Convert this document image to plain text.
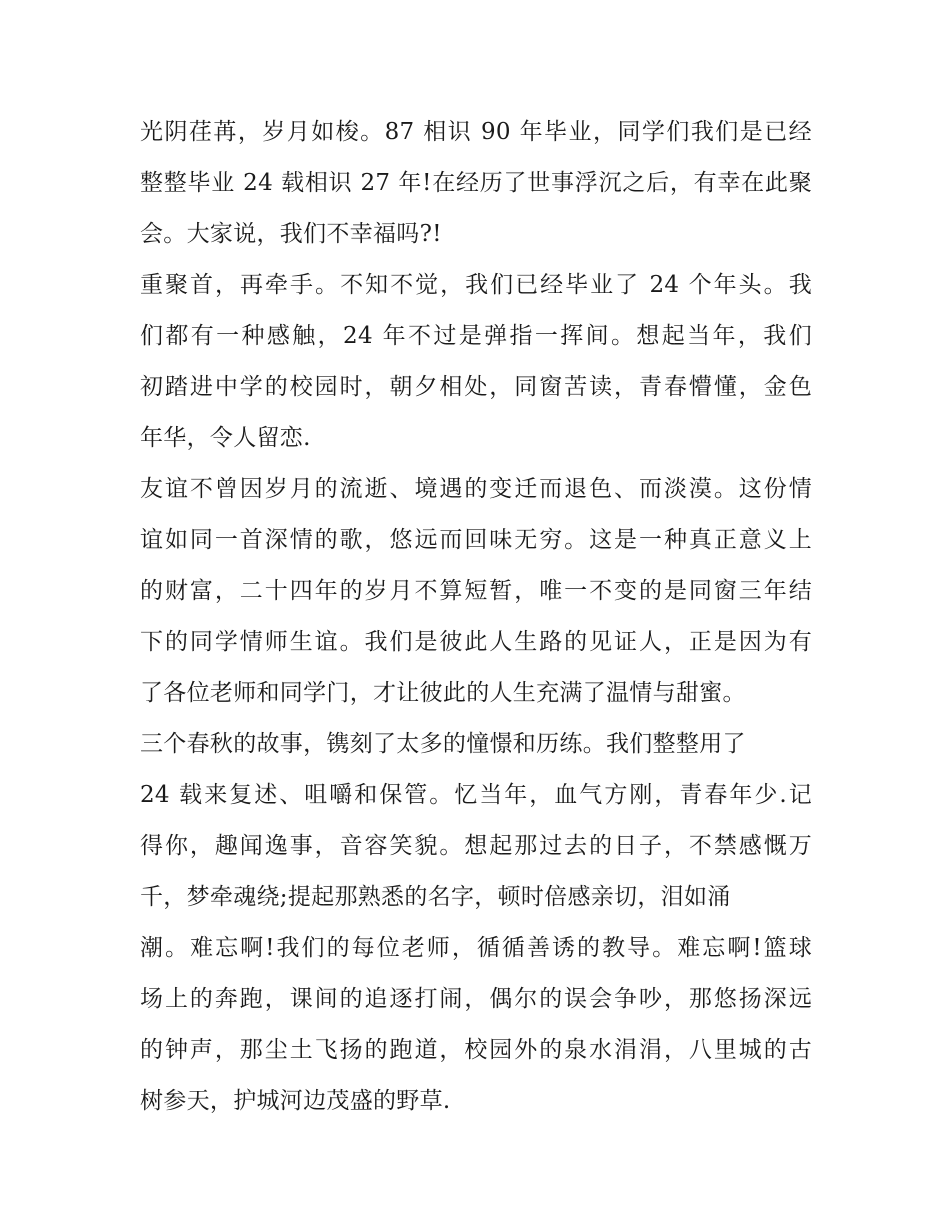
光阴荏苒，岁月如梭。87 相识 90 年毕业，同学们我们是已经
整整毕业 24 载相识 27 年!在经历了世事浮沉之后，有幸在此聚
会。大家说，我们不幸福吗?!
重聚首，再牵手。不知不觉，我们已经毕业了 24 个年头。我
们都有一种感触，24 年不过是弹指一挥间。想起当年，我们
初踏进中学的校园时，朝夕相处，同窗苦读，青春懵懂，金色
年华，令人留恋.
友谊不曾因岁月的流逝、境遇的变迁而退色、而淡漠。这份情
谊如同一首深情的歌，悠远而回味无穷。这是一种真正意义上
的财富，二十四年的岁月不算短暂，唯一不变的是同窗三年结
下的同学情师生谊。我们是彼此人生路的见证人，正是因为有
了各位老师和同学门，才让彼此的人生充满了温情与甜蜜。
三个春秋的故事，镌刻了太多的憧憬和历练。我们整整用了
24 载来复述、咀嚼和保管。忆当年，血气方刚，青春年少.记
得你，趣闻逸事，音容笑貌。想起那过去的日子，不禁感慨万
千，梦牵魂绕;提起那熟悉的名字，顿时倍感亲切，泪如涌
潮。难忘啊!我们的每位老师，循循善诱的教导。难忘啊!篮球
场上的奔跑，课间的追逐打闹，偶尔的误会争吵，那悠扬深远
的钟声，那尘土飞扬的跑道，校园外的泉水涓涓，八里城的古
树参天，护城河边茂盛的野草.
